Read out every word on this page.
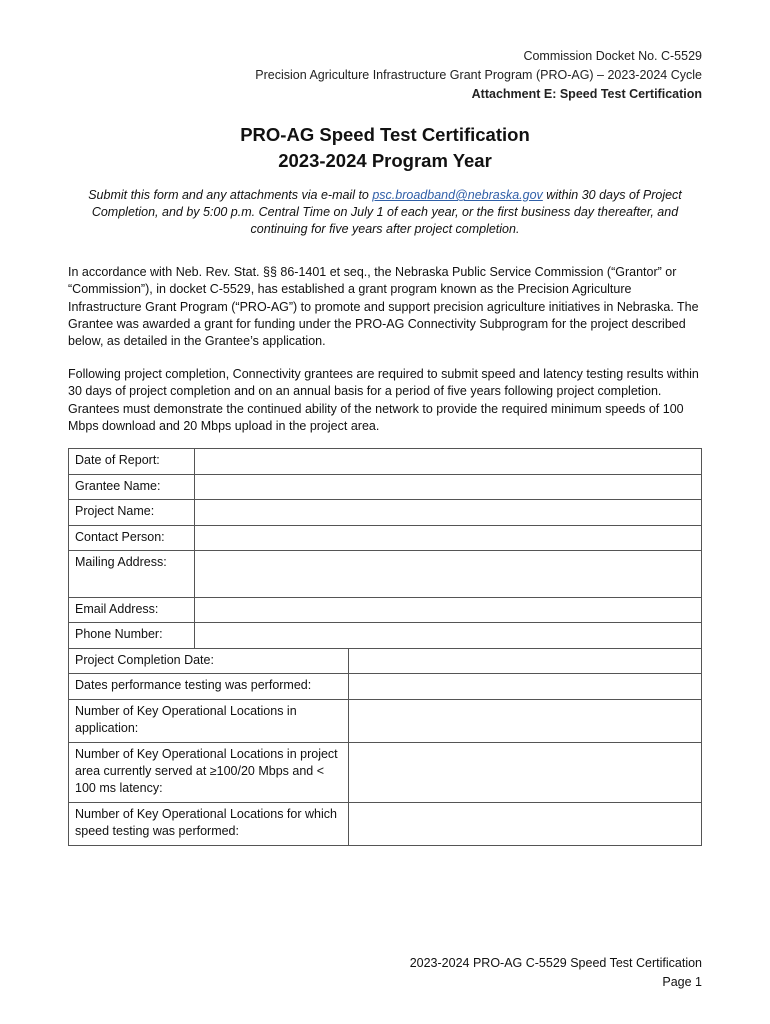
Commission Docket No. C-5529
Precision Agriculture Infrastructure Grant Program (PRO-AG) – 2023-2024 Cycle
Attachment E: Speed Test Certification
PRO-AG Speed Test Certification
2023-2024 Program Year
Submit this form and any attachments via e-mail to psc.broadband@nebraska.gov within 30 days of Project Completion, and by 5:00 p.m. Central Time on July 1 of each year, or the first business day thereafter, and continuing for five years after project completion.
In accordance with Neb. Rev. Stat. §§ 86-1401 et seq., the Nebraska Public Service Commission (“Grantor” or “Commission”), in docket C-5529, has established a grant program known as the Precision Agriculture Infrastructure Grant Program (“PRO-AG”) to promote and support precision agriculture initiatives in Nebraska. The Grantee was awarded a grant for funding under the PRO-AG Connectivity Subprogram for the project described below, as detailed in the Grantee’s application.
Following project completion, Connectivity grantees are required to submit speed and latency testing results within 30 days of project completion and on an annual basis for a period of five years following project completion. Grantees must demonstrate the continued ability of the network to provide the required minimum speeds of 100 Mbps download and 20 Mbps upload in the project area.
Date of Report:		
Grantee Name:		
Project Name:		
Contact Person:		
Mailing Address:		
Email Address:		
Phone Number:		
Project Completion Date:		
Dates performance testing was performed:		
Number of Key Operational Locations in application:		
Number of Key Operational Locations in project area currently served at ≥100/20 Mbps and < 100 ms latency:		
Number of Key Operational Locations for which speed testing was performed:		
2023-2024 PRO-AG C-5529 Speed Test Certification
Page 1
